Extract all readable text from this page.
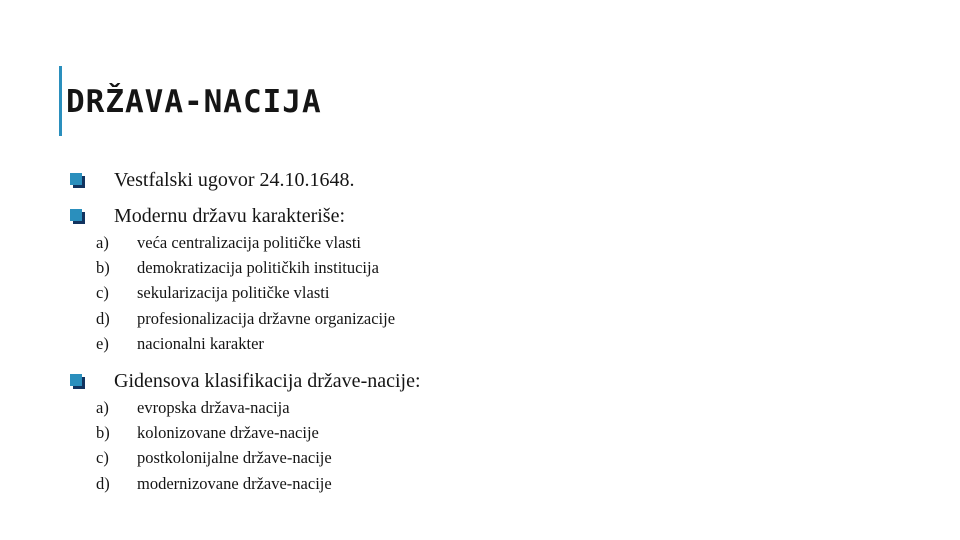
DRŽAVA-NACIJA
Vestfalski ugovor 24.10.1648.
Modernu državu karakteriše:
a)	veća centralizacija političke vlasti
b)	demokratizacija političkih institucija
c)	sekularizacija političke vlasti
d)	profesionalizacija državne organizacije
e)	nacionalni karakter
Gidensova klasifikacija države-nacije:
a)	evropska država-nacija
b)	kolonizovane države-nacije
c)	postkolonijalne države-nacije
d)	modernizovane države-nacije
